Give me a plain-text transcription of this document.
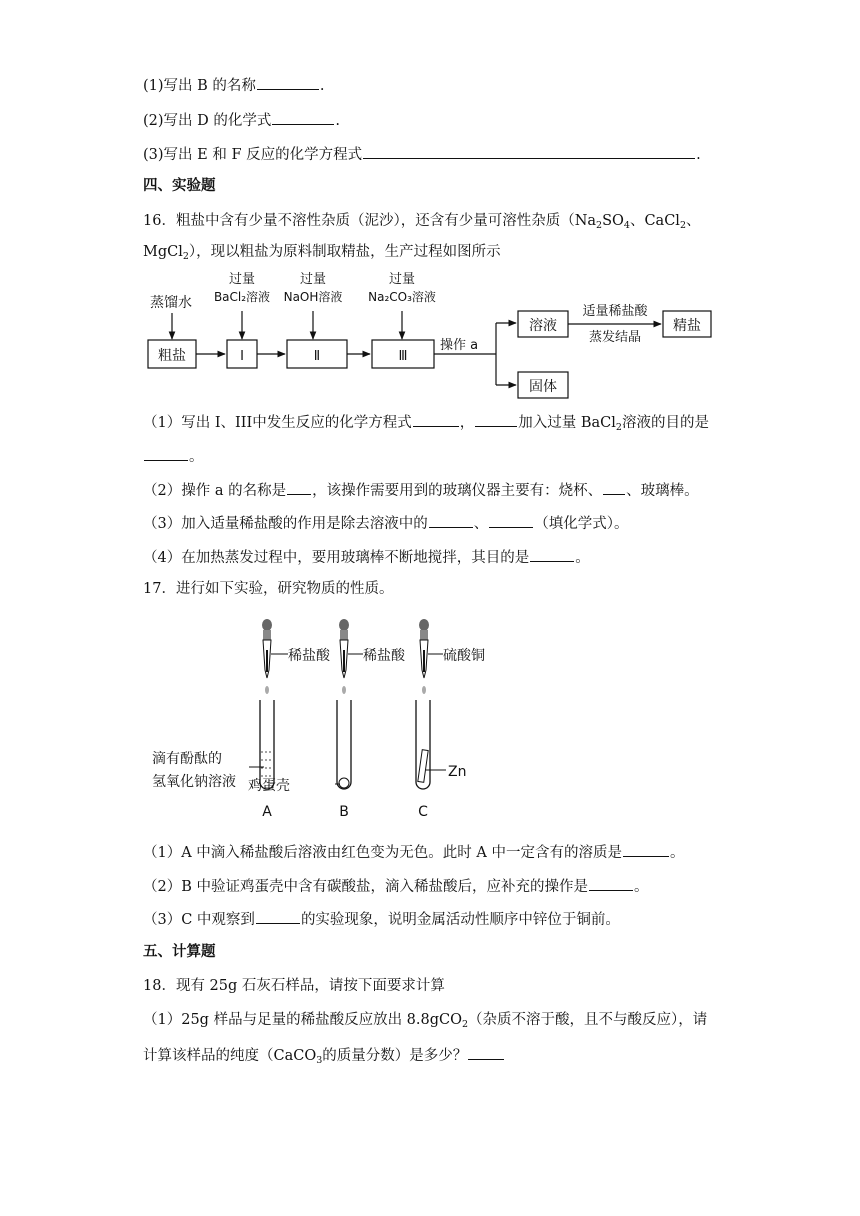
(1)写出 B 的名称	.
(2)写出 D 的化学式	.
(3)写出 E 和 F 反应的化学方程式	.
四、实验题
16．粗盐中含有少量不溶性杂质（泥沙），还含有少量可溶性杂质（$Na_2SO_4$、CaCl$_2$、
MgCl$_2$），现以粗盐为原料制取精盐，生产过程如图所示
蒸馏水
粗盐	Ⅰ
过量
BaCl₂溶液
Ⅱ
过量
NaOH溶液
Ⅲ
过量
Na₂CO₃溶液
操作 a
溶液
固体
适量稀盐酸
蒸发结晶
精盐
（1）写出 I、III中发生反应的化学方程式	，	加入过量 BaCl$_2$溶液的目的是
。
（2）操作 a 的名称是 ，该操作需要用到的玻璃仪器主要有：烧杯、 、玻璃棒。
（3）加入适量稀盐酸的作用是除去溶液中的	、	（填化学式）。
（4）在加热蒸发过程中，要用玻璃棒不断地搅拌，其目的是	。
17．进行如下实验，研究物质的性质。
稀盐酸 稀盐酸	硫酸铜
滴有酚酞的
氢氧化钠溶液 鸡蛋壳
Zn
A	B	C
（1）A 中滴入稀盐酸后溶液由红色变为无色。此时 A 中一定含有的溶质是	。
（2）B 中验证鸡蛋壳中含有碳酸盐，滴入稀盐酸后，应补充的操作是	。
（3）C 中观察到	的实验现象，说明金属活动性顺序中锌位于铜前。
五、计算题
18．现有 25g 石灰石样品，请按下面要求计算
（1）25g 样品与足量的稀盐酸反应放出 8.8gCO$_2$（杂质不溶于酸，且不与酸反应），请
计算该样品的纯度（CaCO$_3$的质量分数）是多少？
